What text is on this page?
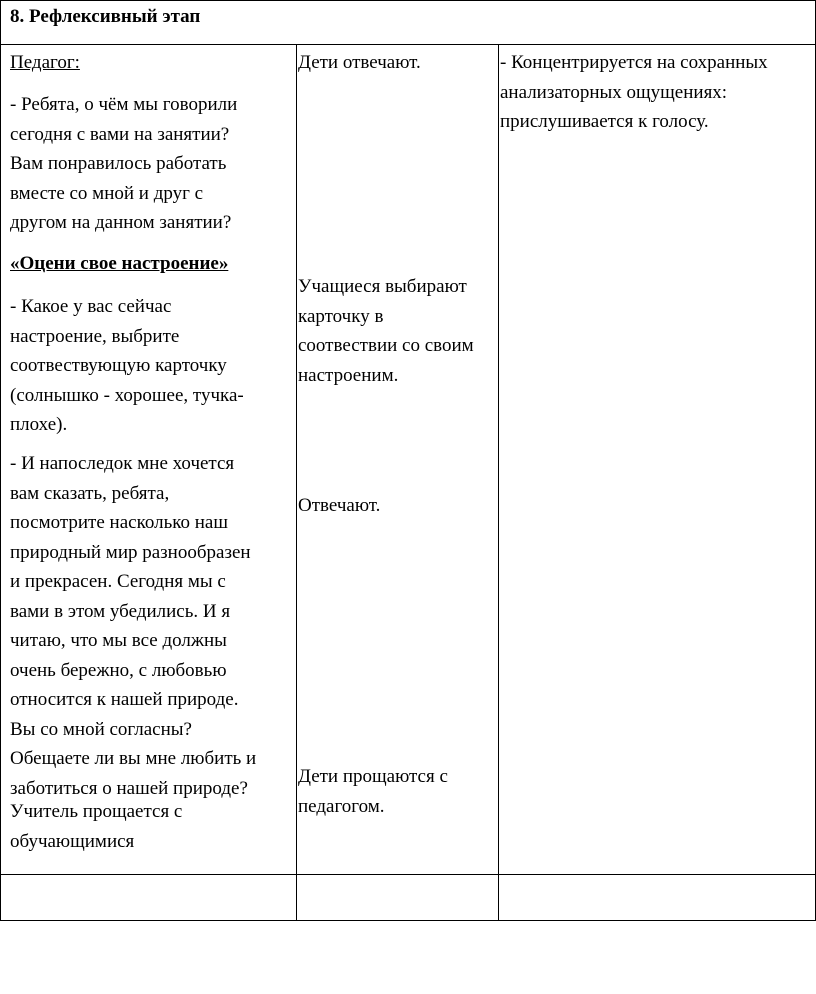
8. Рефлексивный этап
Педагог:
- Ребята, о чём мы говорили
сегодня с вами на занятии?
Вам понравилось работать
вместе со мной и друг с
другом на данном занятии?
«Оцени свое настроение»
- Какое у вас сейчас
настроение, выбрите
соотвествующую карточку
(солнышко - хорошее, тучка-
плохе).
- И напоследок мне хочется
вам сказать, ребята,
посмотрите насколько наш
природный мир разнообразен
и прекрасен. Сегодня мы с
вами в этом убедились. И я
читаю, что мы все должны
очень бережно, с любовью
относится к нашей природе.
Вы со мной согласны?
Обещаете ли вы мне любить и
заботиться о нашей природе?
Учитель прощается с
обучающимися
Дети отвечают.
Учащиеся выбирают
карточку в
соотвествии со своим
настроеним.
Отвечают.
Дети прощаются с
педагогом.
- Концентрируется на сохранных
анализаторных ощущениях:
прислушивается к голосу.
